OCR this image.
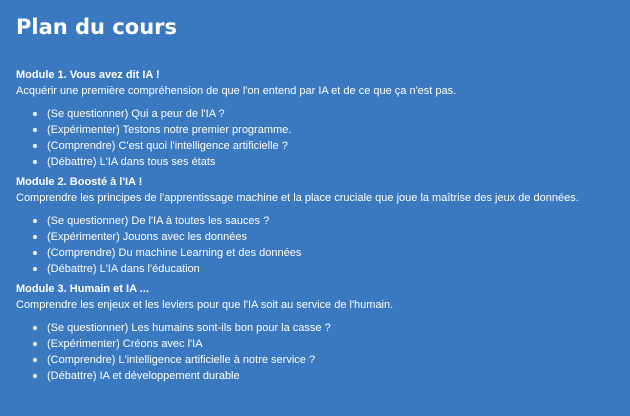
Plan du cours
Module 1. Vous avez dit IA !
Acquérir une première compréhension de que l'on entend par IA et de ce que ça n'est pas.
(Se questionner) Qui a peur de l'IA ?
(Expérimenter) Testons notre premier programme.
(Comprendre) C'est quoi l'intelligence artificielle ?
(Débattre) L'IA dans tous ses états
Module 2. Boosté à l'IA !
Comprendre les principes de l'apprentissage machine et la place cruciale que joue la maîtrise des jeux de données.
(Se questionner) De l'IA à toutes les sauces ?
(Expérimenter) Jouons avec les données
(Comprendre) Du machine Learning et des données
(Débattre) L'IA dans l'éducation
Module 3. Humain et IA ...
Comprendre les enjeux et les leviers pour que l'IA soit au service de l'humain.
(Se questionner) Les humains sont-ils bon pour la casse ?
(Expérimenter) Créons avec l'IA
(Comprendre) L'intelligence artificielle à notre service ?
(Débattre) IA et développement durable
